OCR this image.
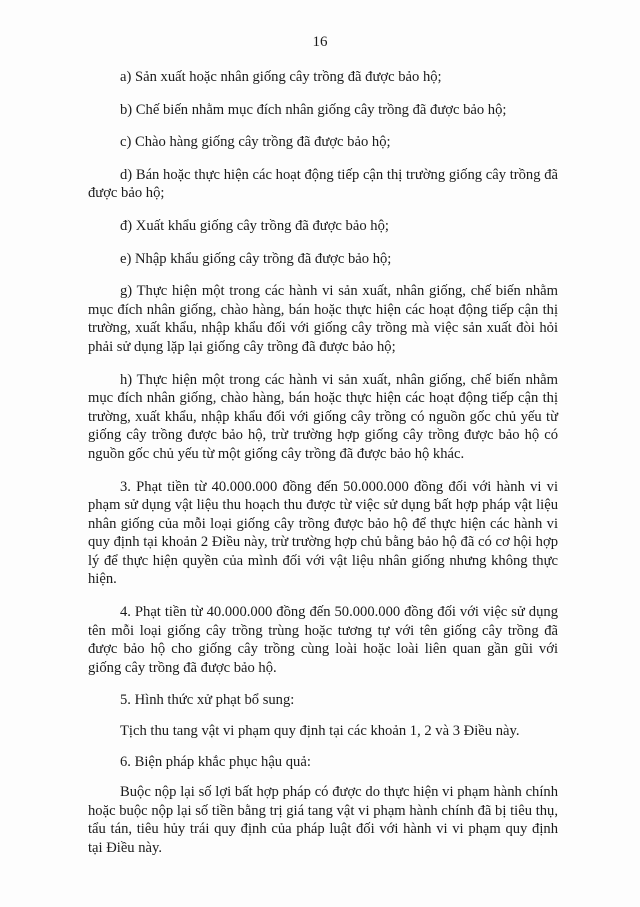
16

a) Sản xuất hoặc nhân giống cây trồng đã được bảo hộ;

b) Chế biến nhằm mục đích nhân giống cây trồng đã được bảo hộ;

c) Chào hàng giống cây trồng đã được bảo hộ;

d) Bán hoặc thực hiện các hoạt động tiếp cận thị trường giống cây trồng đã được bảo hộ;

đ) Xuất khẩu giống cây trồng đã được bảo hộ;

e) Nhập khẩu giống cây trồng đã được bảo hộ;

g) Thực hiện một trong các hành vi sản xuất, nhân giống, chế biến nhằm mục đích nhân giống, chào hàng, bán hoặc thực hiện các hoạt động tiếp cận thị trường, xuất khẩu, nhập khẩu đối với giống cây trồng mà việc sản xuất đòi hỏi phải sử dụng lặp lại giống cây trồng đã được bảo hộ;

h) Thực hiện một trong các hành vi sản xuất, nhân giống, chế biến nhằm mục đích nhân giống, chào hàng, bán hoặc thực hiện các hoạt động tiếp cận thị trường, xuất khẩu, nhập khẩu đối với giống cây trồng có nguồn gốc chủ yếu từ giống cây trồng được bảo hộ, trừ trường hợp giống cây trồng được bảo hộ có nguồn gốc chủ yếu từ một giống cây trồng đã được bảo hộ khác.

3. Phạt tiền từ 40.000.000 đồng đến 50.000.000 đồng đối với hành vi vi phạm sử dụng vật liệu thu hoạch thu được từ việc sử dụng bất hợp pháp vật liệu nhân giống của mỗi loại giống cây trồng được bảo hộ để thực hiện các hành vi quy định tại khoản 2 Điều này, trừ trường hợp chủ bằng bảo hộ đã có cơ hội hợp lý để thực hiện quyền của mình đối với vật liệu nhân giống nhưng không thực hiện.

4. Phạt tiền từ 40.000.000 đồng đến 50.000.000 đồng đối với việc sử dụng tên mỗi loại giống cây trồng trùng hoặc tương tự với tên giống cây trồng đã được bảo hộ cho giống cây trồng cùng loài hoặc loài liên quan gần gũi với giống cây trồng đã được bảo hộ.

5. Hình thức xử phạt bổ sung:

Tịch thu tang vật vi phạm quy định tại các khoản 1, 2 và 3 Điều này.

6. Biện pháp khắc phục hậu quả:

Buộc nộp lại số lợi bất hợp pháp có được do thực hiện vi phạm hành chính hoặc buộc nộp lại số tiền bằng trị giá tang vật vi phạm hành chính đã bị tiêu thụ, tẩu tán, tiêu hủy trái quy định của pháp luật đối với hành vi vi phạm quy định tại Điều này.
